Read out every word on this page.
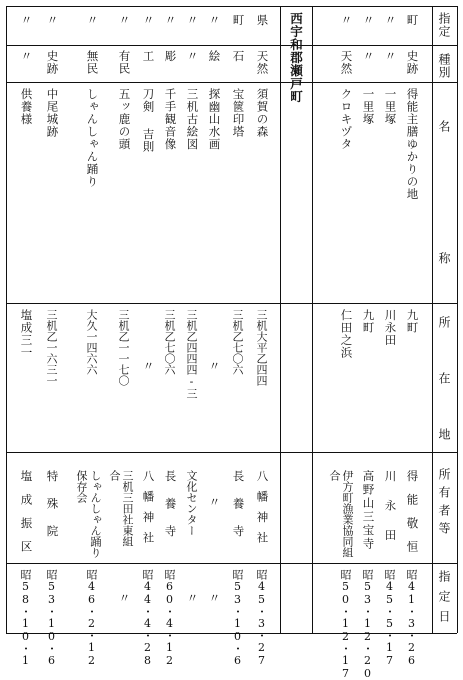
指定
種別
名
称
所
在
地
所有者等
指定日
西宇和郡瀬戸町	町
史跡
得能主膳ゆかりの地
九町
得能敬恒
昭41・3・26
〃
〃
一里塚
川永田
川永田
昭45・5・17
〃
〃
一里塚
九町
高野山三宝寺
昭53・12・20
〃
天然
クロキヅタ
仁田之浜
伊方町漁業協同組合
昭50・12・17
県
天然
須賀の森
三机大平乙四四
八幡神社
昭45・3・27
町
石
宝篋印塔
三机乙七〇六
長養寺
昭53・10・6
〃
絵
探幽山水画
〃
〃
〃
〃
〃
三机古絵図
三机乙四四四-三
文化センター
〃
〃
彫
千手観音像
三机乙七〇六
長養寺
昭60・4・12
〃
工
刀剣 吉則
〃
八幡神社
昭44・4・28
〃
有民
五ッ鹿の頭
三机乙一一七〇
三机三田社東組合
〃
〃
無民
しゃんしゃん踊り
大久一四六六
しゃんしゃん踊り保存会
昭46・2・12
〃
史跡
中尾城跡
三机乙一六三一
特殊院
昭53・10・6
〃
〃
供養様
塩成三一
塩成振区
昭58・10・1
